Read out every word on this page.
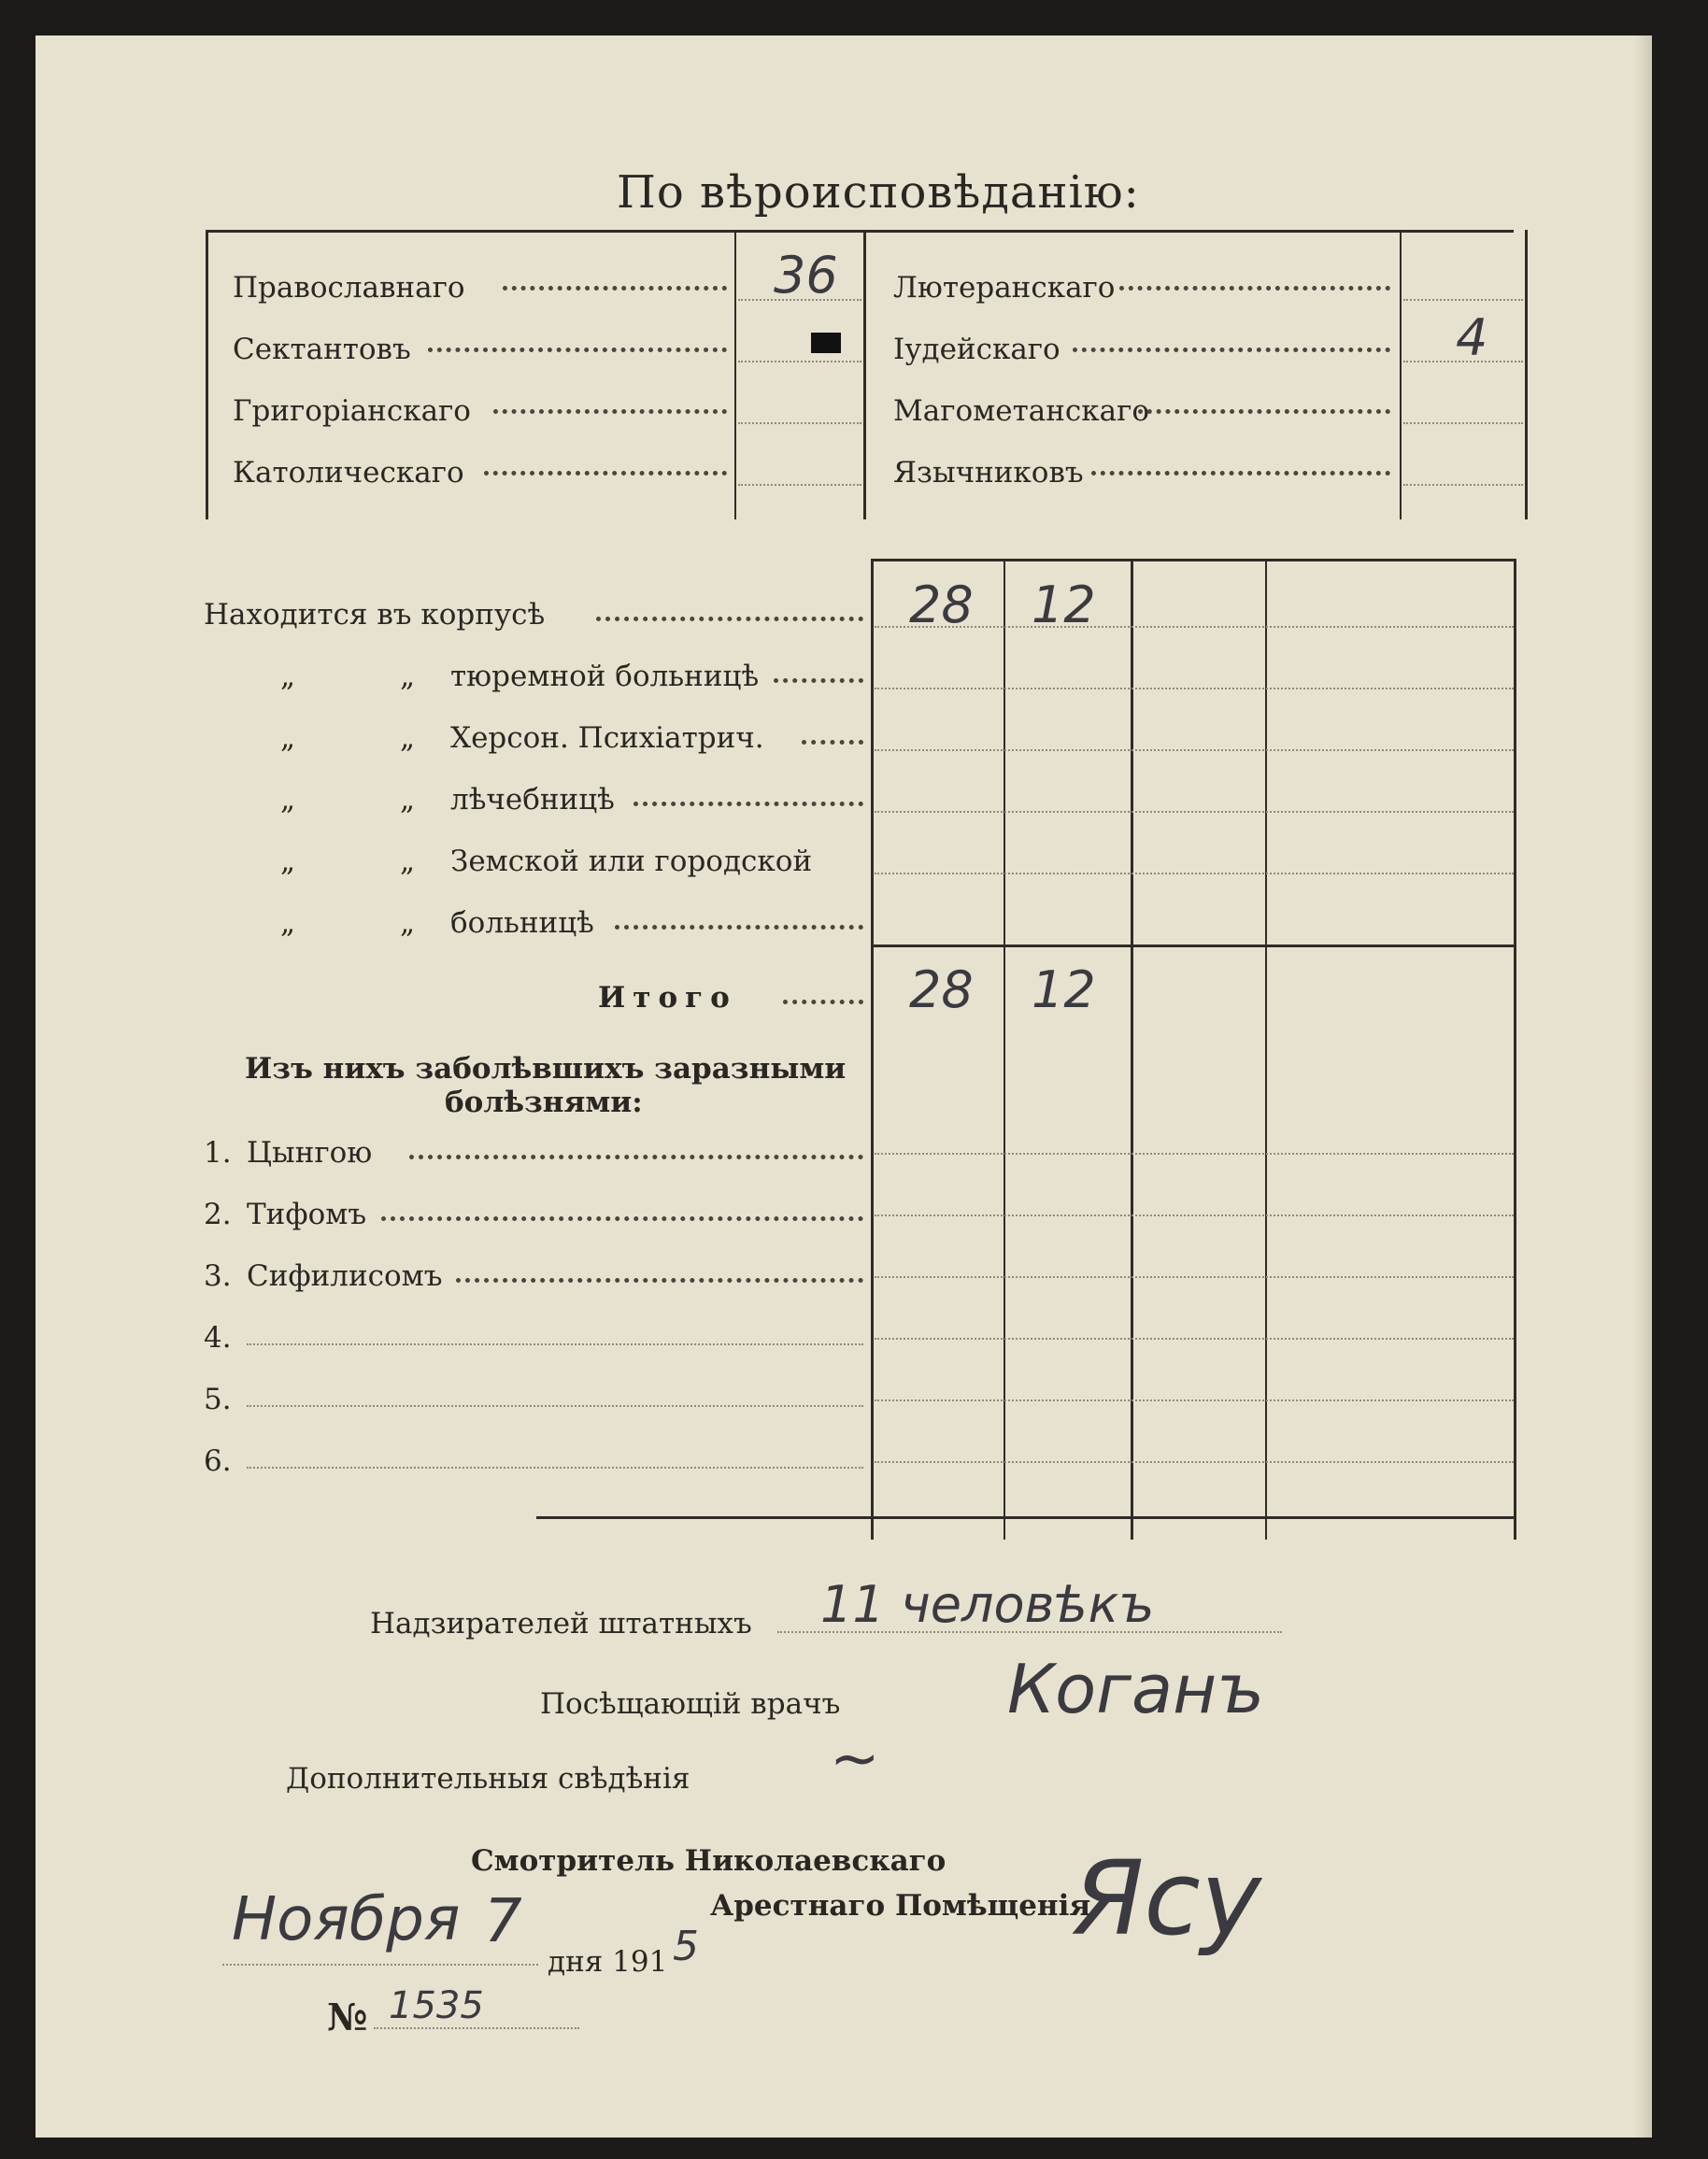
По вѣроисповѣданію:
Православнаго	36
Сектантовъ
Григоріанскаго
Католическаго
Лютеранскаго
Іудейскаго	4
Магометанскаго
Язычниковъ
Находится въ корпусѣ	28 12
„	„ тюремной больницѣ
„	„ Херсон. Психіатрич.
„	„ лѣчебницѣ
„	„ Земской или городской
„	„ больницѣ
Итого	28 12
Изъ нихъ заболѣвшихъ заразными
болѣзнями:
1. Цынгою
2. Тифомъ
3. Сифилисомъ
4.
5.
6.
Надзирателей штатныхъ 11 человѣкъ
Посѣщающій врачъ Коганъ
Дополнительныя свѣдѣнія ~
Смотритель Николаевскаго
Арестнаго Помѣщенія
Ноября 7
дня 191 5
№ 1535
Ясу
